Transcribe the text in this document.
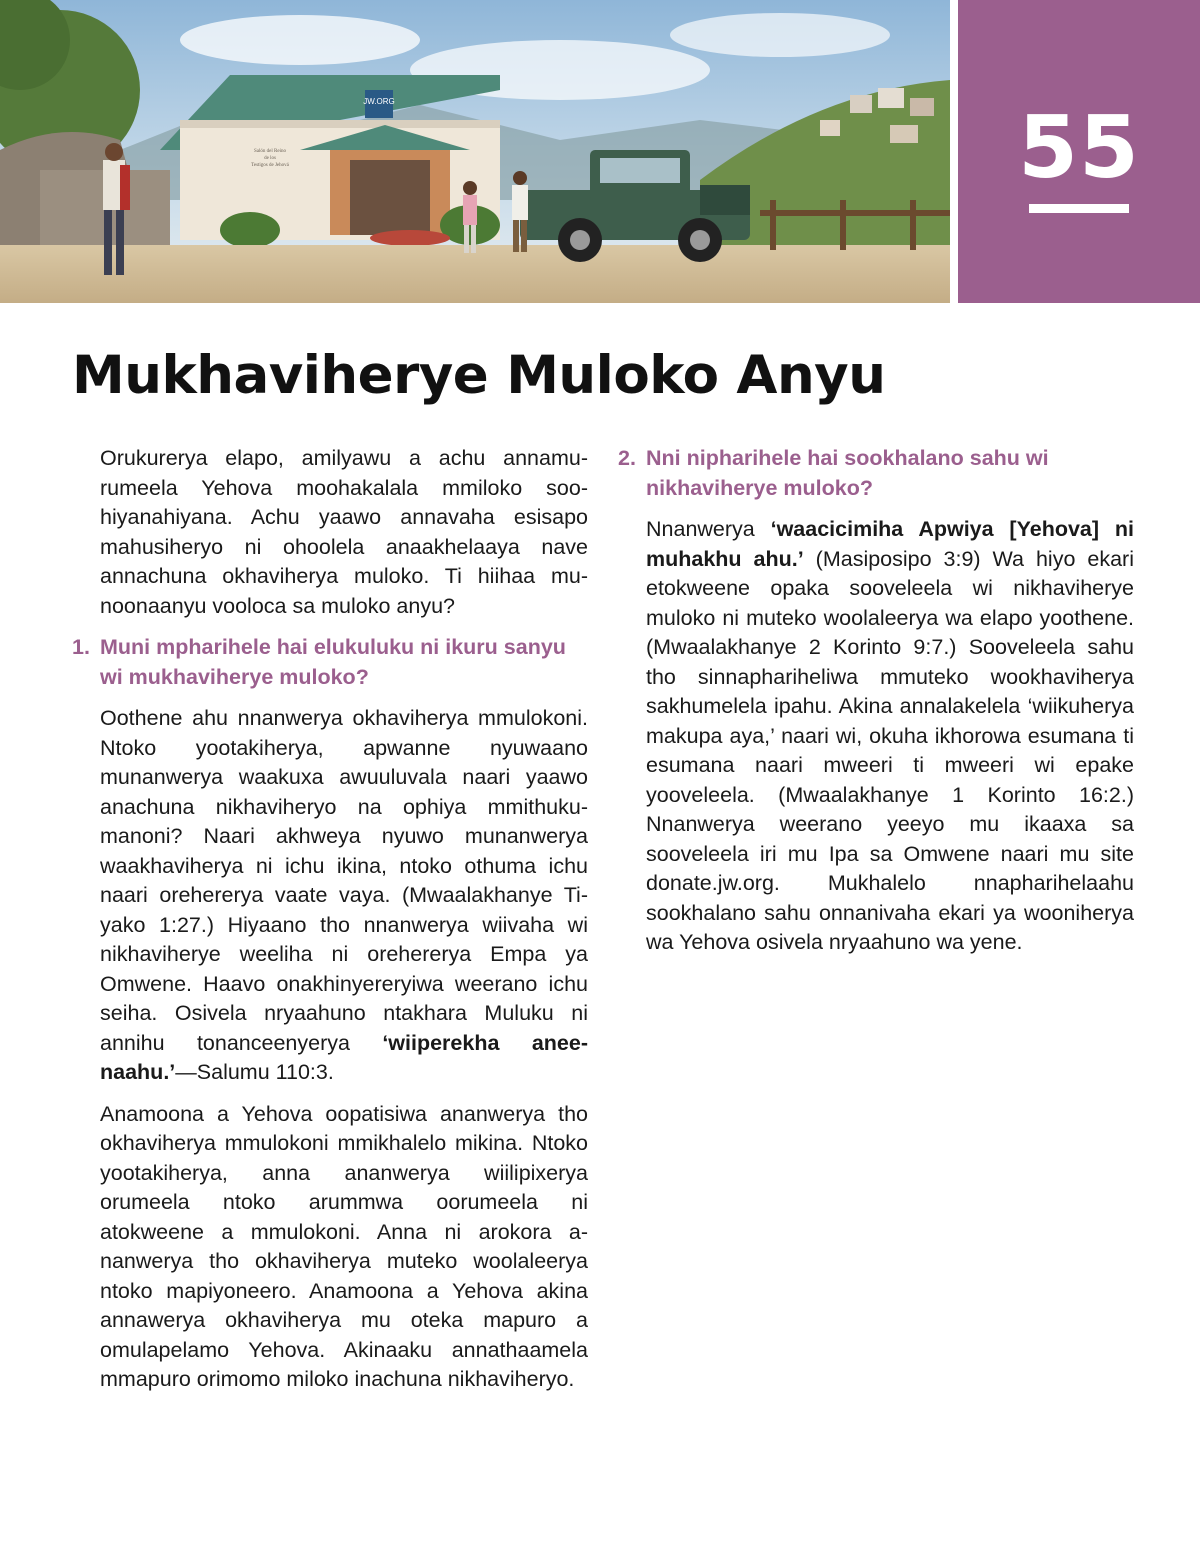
JW.ORG
Salón del Reino
de los
Testigos de Jehová	55
Mukhaviherye Muloko Anyu

Orukurerya elapo, amilyawu a achu annamurumeela Yehova moohakalala mmiloko soohiyanahiyana. Achu yaawo annavaha esisapo mahusiheryo ni ohoolela anaakhelaaya nave annachuna okhaviherya muloko. Ti hiihaa munoonaanyu vooloca sa muloko anyu?

1. Muni mpharihele hai elukuluku ni ikuru sanyu wi mukhaviherye muloko?

Oothene ahu nnanwerya okhaviherya mmulokoni. Ntoko yootakiherya, apwanne nyuwaano munanwerya waakuxa awuuluvala naari yaawo anachuna nikhaviheryo na ophiya mmithukumanoni? Naari akhweya nyuwo munanwerya waakhaviherya ni ichu ikina, ntoko othuma ichu naari orehererya vaate vaya. (Mwaalakhanye Tiyako 1:27.) Hiyaano tho nnanwerya wiivaha wi nikhaviherye weeliha ni orehererya Empa ya Omwene. Haavo onakhinyereryiwa weerano ichu seiha. Osivela nryaahuno ntakhara Muluku ni annihu tonanceenyerya ‘wiiperekha aneenaahu.’—Salumu 110:3.

Anamoona a Yehova oopatisiwa ananwerya tho okhaviherya mmulokoni mmikhalelo mikina. Ntoko yootakiherya, anna ananwerya wiilipixerya orumeela ntoko arummwa oorumeela ni atokweene a mmulokoni. Anna ni arokora ananwerya tho okhaviherya muteko woolaleerya ntoko mapiyoneero. Anamoona a Yehova akina annawerya okhaviherya mu oteka mapuro a omulapelamo Yehova. Akinaaku annathaamela mmapuro orimomo miloko inachuna nikhaviheryo.

2. Nni nipharihele hai sookhalano sahu wi nikhaviherye muloko?

Nnanwerya ‘waacicimiha Apwiya [Yehova] ni muhakhu ahu.’ (Masiposipo 3:9) Wa hiyo ekari etokweene opaka sooveleela wi nikhaviherye muloko ni muteko woolaleerya wa elapo yoothene. (Mwaalakhanye 2 Korinto 9:7.) Sooveleela sahu tho sinnaphariheliwa mmuteko wookhaviherya sakhumelela ipahu. Akina annalakelela ‘wiikuherya makupa aya,’ naari wi, okuha ikhorowa esumana ti esumana naari mweeri ti mweeri wi epake yooveleela. (Mwaalakhanye 1 Korinto 16:2.) Nnanwerya weerano yeeyo mu ikaaxa sa sooveleela iri mu Ipa sa Omwene naari mu site donate.jw.org. Mukhalelo nnapharihelaahu sookhalano sahu onnanivaha ekari ya wooniherya wa Yehova osivela nryaahuno wa yene.
